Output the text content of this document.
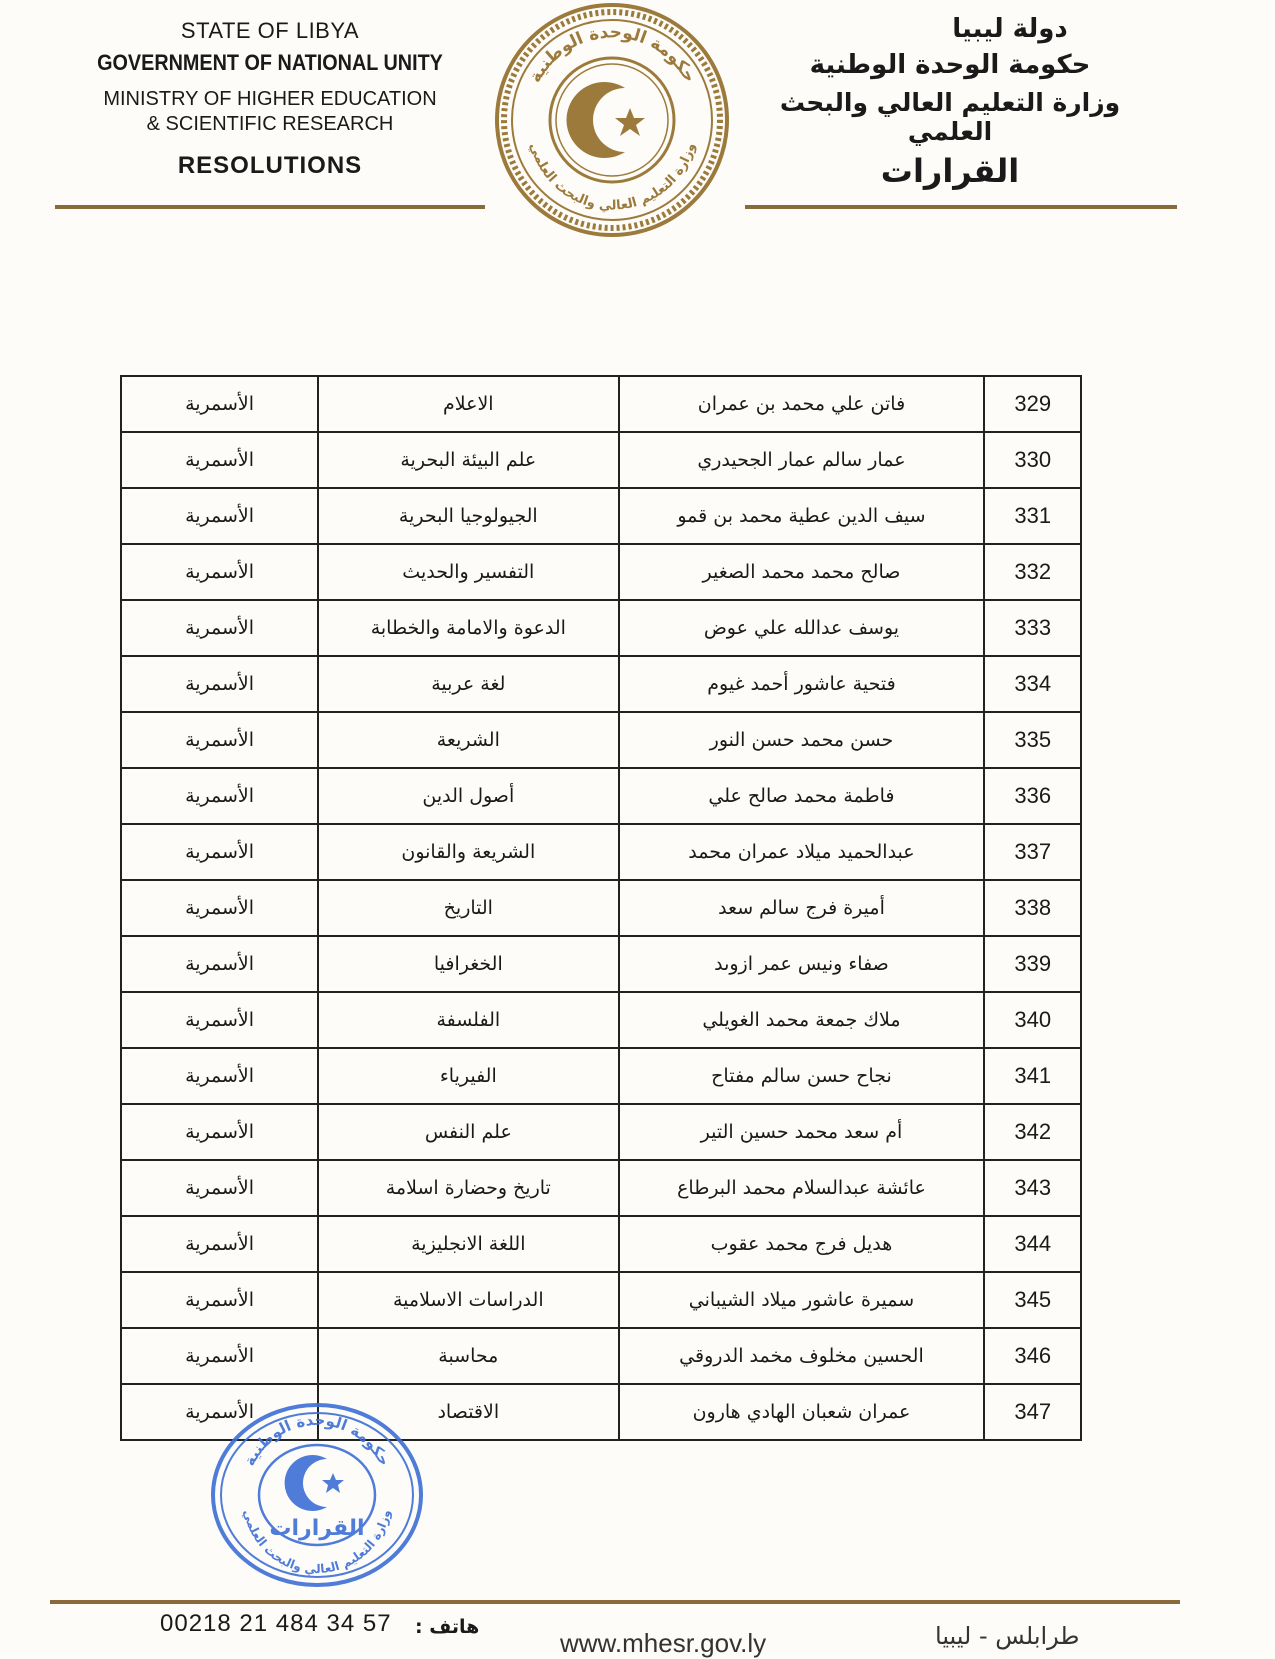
STATE OF LIBYA
GOVERNMENT OF NATIONAL UNITY
MINISTRY OF HIGHER EDUCATION
& SCIENTIFIC RESEARCH
RESOLUTIONS
حكومة الوحدة الوطنية
وزارة التعليم العالي والبحث العلمي
دولة ليبيا
حكومة الوحدة الوطنية
وزارة التعليم العالي والبحث العلمي
القرارات
329	فاتن علي محمد بن عمران	الاعلام	الأسمرية
330	عمار سالم عمار الجحيدري	علم البيئة البحرية	الأسمرية
331	سيف الدين عطية محمد بن قمو	الجيولوجيا البحرية	الأسمرية
332	صالح محمد محمد الصغير	التفسير والحديث	الأسمرية
333	يوسف عدالله علي عوض	الدعوة والامامة والخطابة	الأسمرية
334	فتحية عاشور أحمد غيوم	لغة عربية	الأسمرية
335	حسن محمد حسن النور	الشريعة	الأسمرية
336	فاطمة محمد صالح علي	أصول الدين	الأسمرية
337	عبدالحميد ميلاد عمران محمد	الشريعة والقانون	الأسمرية
338	أميرة فرج سالم سعد	التاريخ	الأسمرية
339	صفاء ونيس عمر ازوىد	الخغرافيا	الأسمرية
340	ملاك جمعة محمد الغويلي	الفلسفة	الأسمرية
341	نجاح حسن سالم مفتاح	الفيرياء	الأسمرية
342	أم سعد محمد حسين التير	علم النفس	الأسمرية
343	عائشة عبدالسلام محمد البرطاع	تاريخ وحضارة اسلامة	الأسمرية
344	هديل فرج محمد عقوب	اللغة الانجليزية	الأسمرية
345	سميرة عاشور ميلاد الشيباني	الدراسات الاسلامية	الأسمرية
346	الحسين مخلوف مخمد الدروقي	محاسبة	الأسمرية
347	عمران شعبان الهادي هارون	الاقتصاد	الأسمرية
حكومة الوحدة الوطنية
وزارة التعليم العالي والبحث العلمي
القرارات
00218 21 484 34 57 هاتف :
www.mhesr.gov.ly	طرابلس - ليبيا
